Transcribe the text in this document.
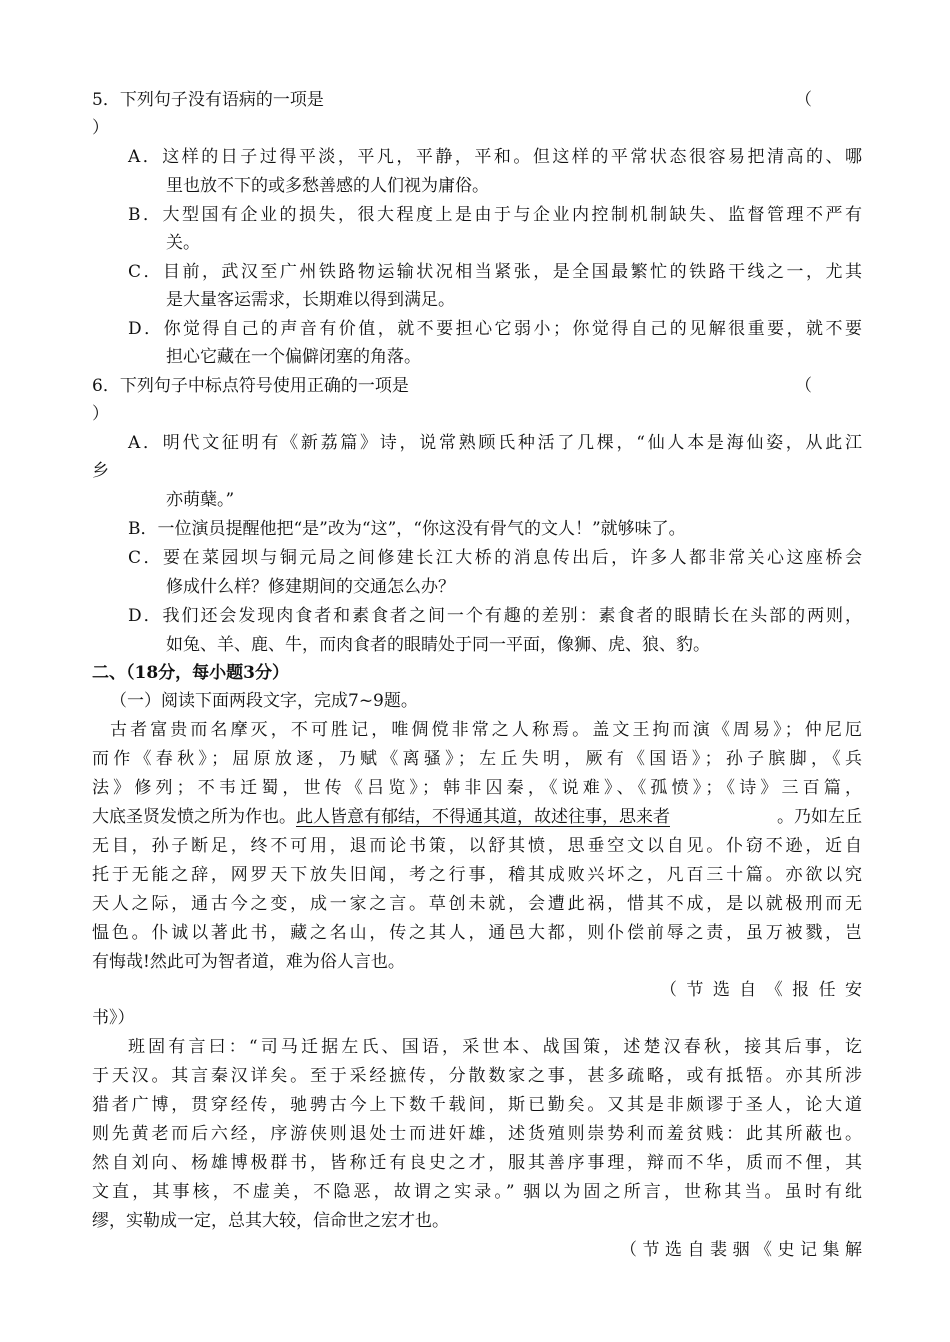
5．下列句子没有语病的一项是	（
）
A．这样的日子过得平淡，平凡，平静，平和。但这样的平常状态很容易把清高的、哪
里也放不下的或多愁善感的人们视为庸俗。
B．大型国有企业的损失，很大程度上是由于与企业内控制机制缺失、监督管理不严有
关。
C．目前，武汉至广州铁路物运输状况相当紧张，是全国最繁忙的铁路干线之一，尤其
是大量客运需求，长期难以得到满足。
D．你觉得自己的声音有价值，就不要担心它弱小；你觉得自己的见解很重要，就不要
担心它藏在一个偏僻闭塞的角落。
6．下列句子中标点符号使用正确的一项是	（
）
A．明代文征明有《新荔篇》诗，说常熟顾氏种活了几棵，“仙人本是海仙姿，从此江
乡
亦萌蘖。”
B．一位演员提醒他把“是”改为“这”，“你这没有骨气的文人！”就够味了。
C．要在菜园坝与铜元局之间修建长江大桥的消息传出后，许多人都非常关心这座桥会
修成什么样？修建期间的交通怎么办？
D．我们还会发现肉食者和素食者之间一个有趣的差别：素食者的眼睛长在头部的两则，
如兔、羊、鹿、牛，而肉食者的眼睛处于同一平面，像狮、虎、狼、豹。
二、（18分，每小题3分）
（一）阅读下面两段文字，完成7~9题。
古者富贵而名摩灭，不可胜记，唯倜傥非常之人称焉。盖文王拘而演《周易》；仲尼厄
而作《春秋》；屈原放逐，乃赋《离骚》；左丘失明，厥有《国语》；孙子膑脚，《兵
法》修列；不韦迁蜀，世传《吕览》；韩非囚秦，《说难》、《孤愤》；《诗》三百篇，
大底圣贤发愤之所为作也。 此人皆意有郁结，不得通其道，故述往事，思来者	。乃如左丘
无目，孙子断足，终不可用，退而论书策，以舒其愤，思垂空文以自见。仆窃不逊，近自
托于无能之辞，网罗天下放失旧闻，考之行事，稽其成败兴坏之，凡百三十篇。亦欲以究
天人之际，通古今之变，成一家之言。草创未就，会遭此祸，惜其不成，是以就极刑而无
愠色。仆诚以著此书，藏之名山，传之其人，通邑大都，则仆偿前辱之责，虽万被戮，岂
有悔哉!然此可为智者道，难为俗人言也。
（节选自《报任安
书》）
班固有言曰：“司马迁据左氏、国语，采世本、战国策，述楚汉春秋，接其后事，讫
于天汉。其言秦汉详矣。至于采经摭传，分散数家之事，甚多疏略，或有抵牾。亦其所涉
猎者广博，贯穿经传，驰骋古今上下数千载间，斯已勤矣。又其是非颇谬于圣人，论大道
则先黄老而后六经，序游侠则退处士而进奸雄，述货殖则崇势利而羞贫贱：此其所蔽也。
然自刘向、杨雄博极群书，皆称迁有良史之才，服其善序事理，辩而不华，质而不俚，其
文直，其事核，不虚美，不隐恶，故谓之实录。” 骃以为固之所言，世称其当。虽时有纰
缪，实勒成一定，总其大较，信命世之宏才也。
（节选自裴骃《史记集解
